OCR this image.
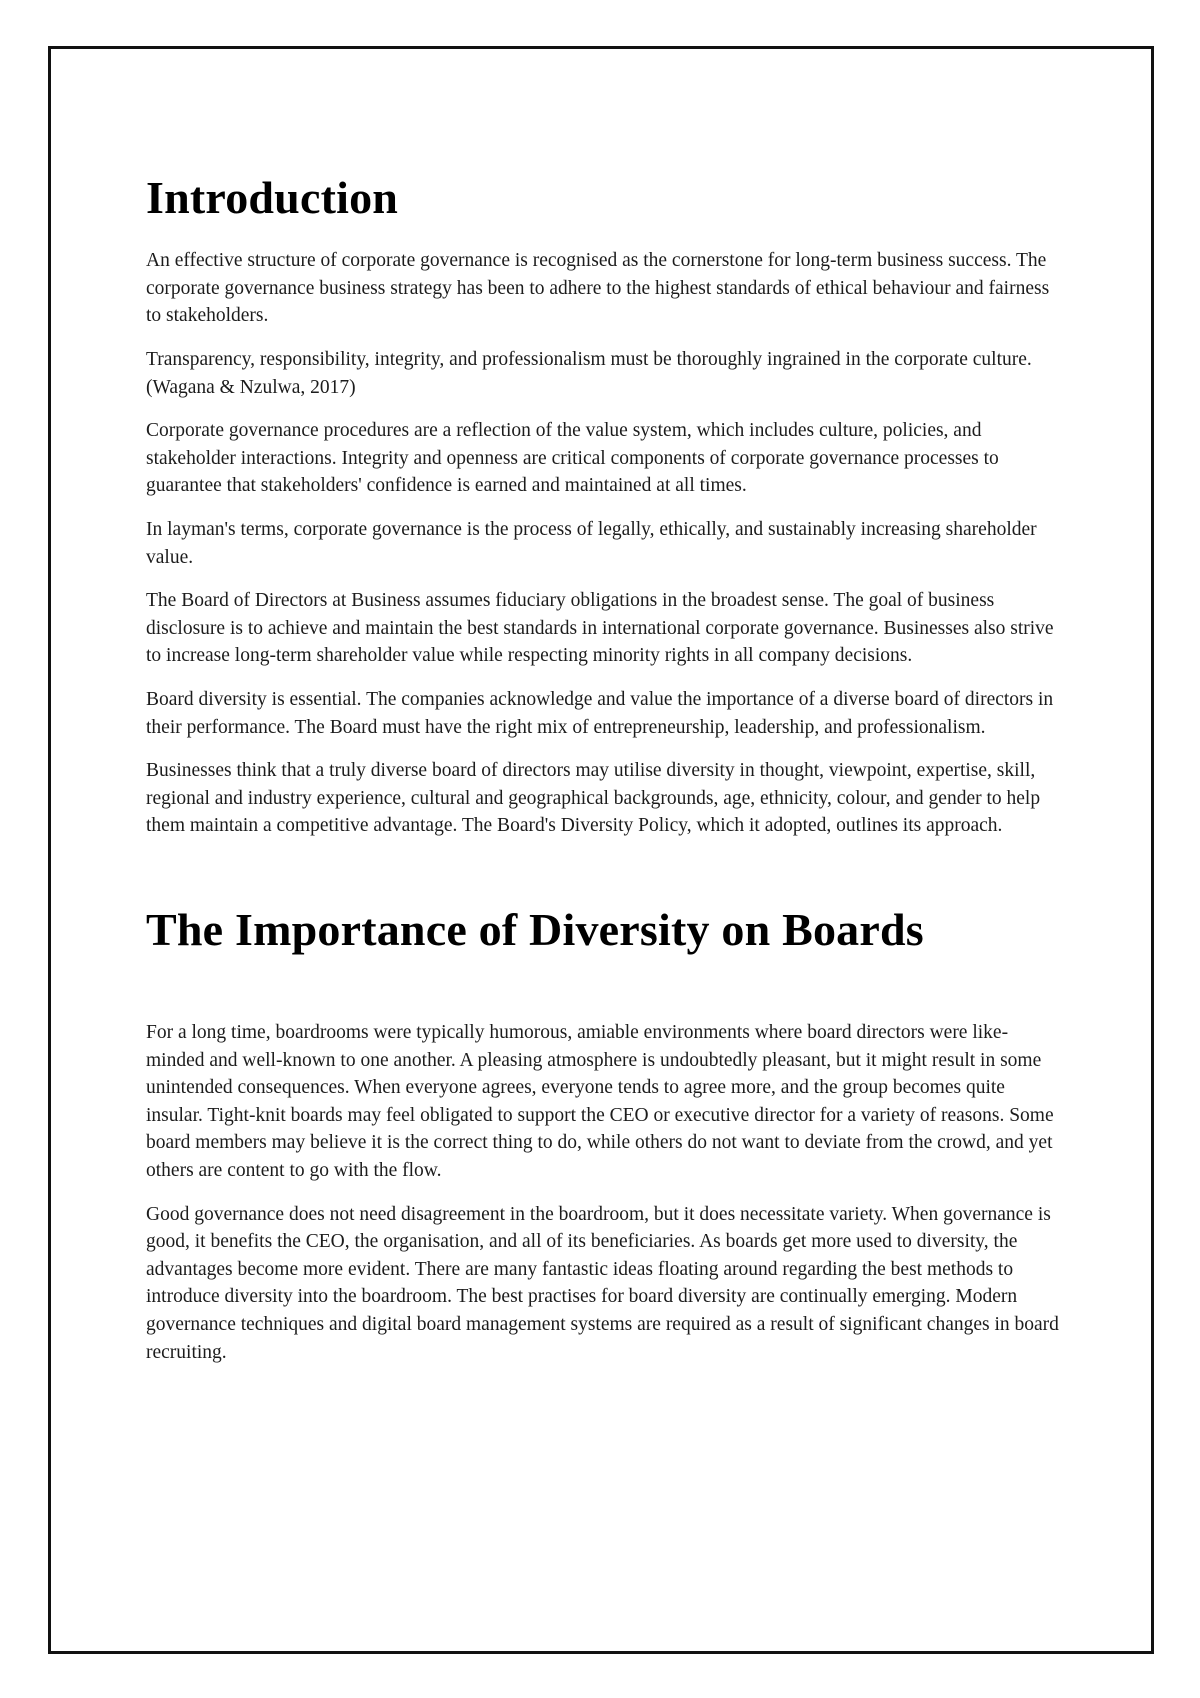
Introduction

An effective structure of corporate governance is recognised as the cornerstone for long-term business success. The corporate governance business strategy has been to adhere to the highest standards of ethical behaviour and fairness to stakeholders.

Transparency, responsibility, integrity, and professionalism must be thoroughly ingrained in the corporate culture.(Wagana & Nzulwa, 2017)

Corporate governance procedures are a reflection of the value system, which includes culture, policies, and stakeholder interactions. Integrity and openness are critical components of corporate governance processes to guarantee that stakeholders' confidence is earned and maintained at all times.

In layman's terms, corporate governance is the process of legally, ethically, and sustainably increasing shareholder value.

The Board of Directors at Business assumes fiduciary obligations in the broadest sense. The goal of business disclosure is to achieve and maintain the best standards in international corporate governance. Businesses also strive to increase long-term shareholder value while respecting minority rights in all company decisions.

Board diversity is essential. The companies acknowledge and value the importance of a diverse board of directors in their performance. The Board must have the right mix of entrepreneurship, leadership, and professionalism.

Businesses think that a truly diverse board of directors may utilise diversity in thought, viewpoint, expertise, skill, regional and industry experience, cultural and geographical backgrounds, age, ethnicity, colour, and gender to help them maintain a competitive advantage. The Board's Diversity Policy, which it adopted, outlines its approach.

The Importance of Diversity on Boards

For a long time, boardrooms were typically humorous, amiable environments where board directors were like-minded and well-known to one another. A pleasing atmosphere is undoubtedly pleasant, but it might result in some unintended consequences. When everyone agrees, everyone tends to agree more, and the group becomes quite insular. Tight-knit boards may feel obligated to support the CEO or executive director for a variety of reasons. Some board members may believe it is the correct thing to do, while others do not want to deviate from the crowd, and yet others are content to go with the flow.

Good governance does not need disagreement in the boardroom, but it does necessitate variety. When governance is good, it benefits the CEO, the organisation, and all of its beneficiaries. As boards get more used to diversity, the advantages become more evident. There are many fantastic ideas floating around regarding the best methods to introduce diversity into the boardroom. The best practises for board diversity are continually emerging. Modern governance techniques and digital board management systems are required as a result of significant changes in board recruiting.
